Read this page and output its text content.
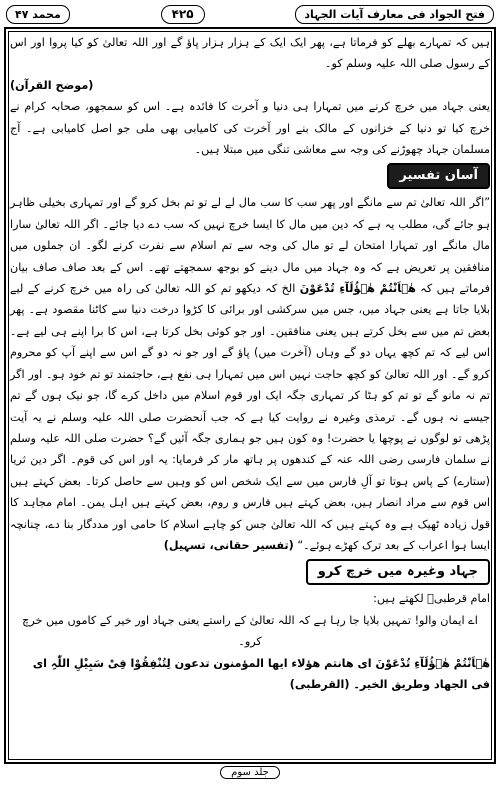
فتح الجواد فی معارف آیات الجہاد
۴۲۵
محمد ۴۷

ہیں کہ تمہارے بھلے کو فرماتا ہے، پھر ایک ایک کے ہزار ہزار پاؤ گے اور اللہ تعالیٰ کو کیا پروا اور اس کے رسول صلی اللہ علیہ وسلم کو۔

(موضح القرآن)

یعنی جہاد میں خرچ کرنے میں تمہارا ہی دنیا و آخرت کا فائدہ ہے۔ اس کو سمجھو، صحابہ کرام نے خرچ کیا تو دنیا کے خزانوں کے مالک بنے اور آخرت کی کامیابی بھی ملی جو اصل کامیابی ہے۔ آج مسلمان جہاد چھوڑنے کی وجہ سے معاشی تنگی میں مبتلا ہیں۔

آسان تفسیر

”اگر اللہ تعالیٰ تم سے مانگے اور پھر سب کا سب مال لے لے تو تم بخل کرو گے اور تمہاری بخیلی ظاہر ہو جائے گی، مطلب یہ ہے کہ دین میں مال کا ایسا خرچ نہیں کہ سب دے دیا جائے۔ اگر اللہ تعالیٰ سارا مال مانگے اور تمہارا امتحان لے تو مال کی وجہ سے تم اسلام سے نفرت کرنے لگو۔ ان جملوں میں منافقین پر تعریض ہے کہ وہ جہاد میں مال دینے کو بوجھ سمجھتے تھے۔ اس کے بعد صاف صاف بیان فرماتے ہیں کہ ھٰۤاَنْتُمْ ھٰۤؤُلَآءِ تُدْعَوْنَ الخ کہ دیکھو تم کو اللہ تعالیٰ کی راہ میں خرچ کرنے کے لیے بلایا جاتا ہے یعنی جہاد میں، جس میں سرکشی اور برائی کا کڑوا درخت دنیا سے کاٹنا مقصود ہے۔ پھر بعض تم میں سے بخل کرتے ہیں یعنی منافقین۔ اور جو کوئی بخل کرتا ہے، اس کا برا اپنے ہی لیے ہے۔ اس لیے کہ تم کچھ یہاں دو گے وہاں (آخرت میں) پاؤ گے اور جو نہ دو گے اس سے اپنے آپ کو محروم کرو گے۔ اور اللہ تعالیٰ کو کچھ حاجت نہیں اس میں تمہارا ہی نفع ہے، حاجتمند تو تم خود ہو۔ اور اگر تم نہ مانو گے تو تم کو ہٹا کر تمہاری جگہ ایک اور قوم اسلام میں داخل کرے گا، جو نیک ہوں گے تم جیسے نہ ہوں گے۔ ترمذی وغیرہ نے روایت کیا ہے کہ جب آنحضرت صلی اللہ علیہ وسلم نے یہ آیت پڑھی تو لوگوں نے پوچھا یا حضرت! وہ کون ہیں جو ہماری جگہ آئیں گے؟ حضرت صلی اللہ علیہ وسلم نے سلمان فارسی رضی اللہ عنہ کے کندھوں پر ہاتھ مار کر فرمایا: یہ اور اس کی قوم۔ اگر دین ثریا (ستارے) کے پاس ہوتا تو آلِ فارس میں سے ایک شخص اس کو وہیں سے حاصل کرتا۔ بعض کہتے ہیں اس قوم سے مراد انصار ہیں، بعض کہتے ہیں فارس و روم، بعض کہتے ہیں اہل یمن۔ امام مجاہد کا قول زیادہ ٹھیک ہے وہ کہتے ہیں کہ اللہ تعالیٰ جس کو چاہے اسلام کا حامی اور مددگار بنا دے، چنانچہ ایسا ہوا اعراب کے بعد ترک کھڑے ہوئے۔“ (تفسیر حقانی، تسہیل)

جہاد وغیرہ میں خرچ کرو

امام قرطبیؒ لکھتے ہیں:

اے ایمان والو! تمہیں بلایا جا رہا ہے کہ اللہ تعالیٰ کے راستے یعنی جہاد اور خیر کے کاموں میں خرچ کرو۔

ھٰۤاَنْتُمْ ھٰۤؤُلَآءِ تُدْعَوْنَ ای ھانتم ھؤلاء ایھا المؤمنون تدعون لِتُنْفِقُوْا فِیْ سَبِیْلِ اللّٰہِ ای

فی الجھاد وطریق الخیر۔ (القرطبی)

جلد سوم
